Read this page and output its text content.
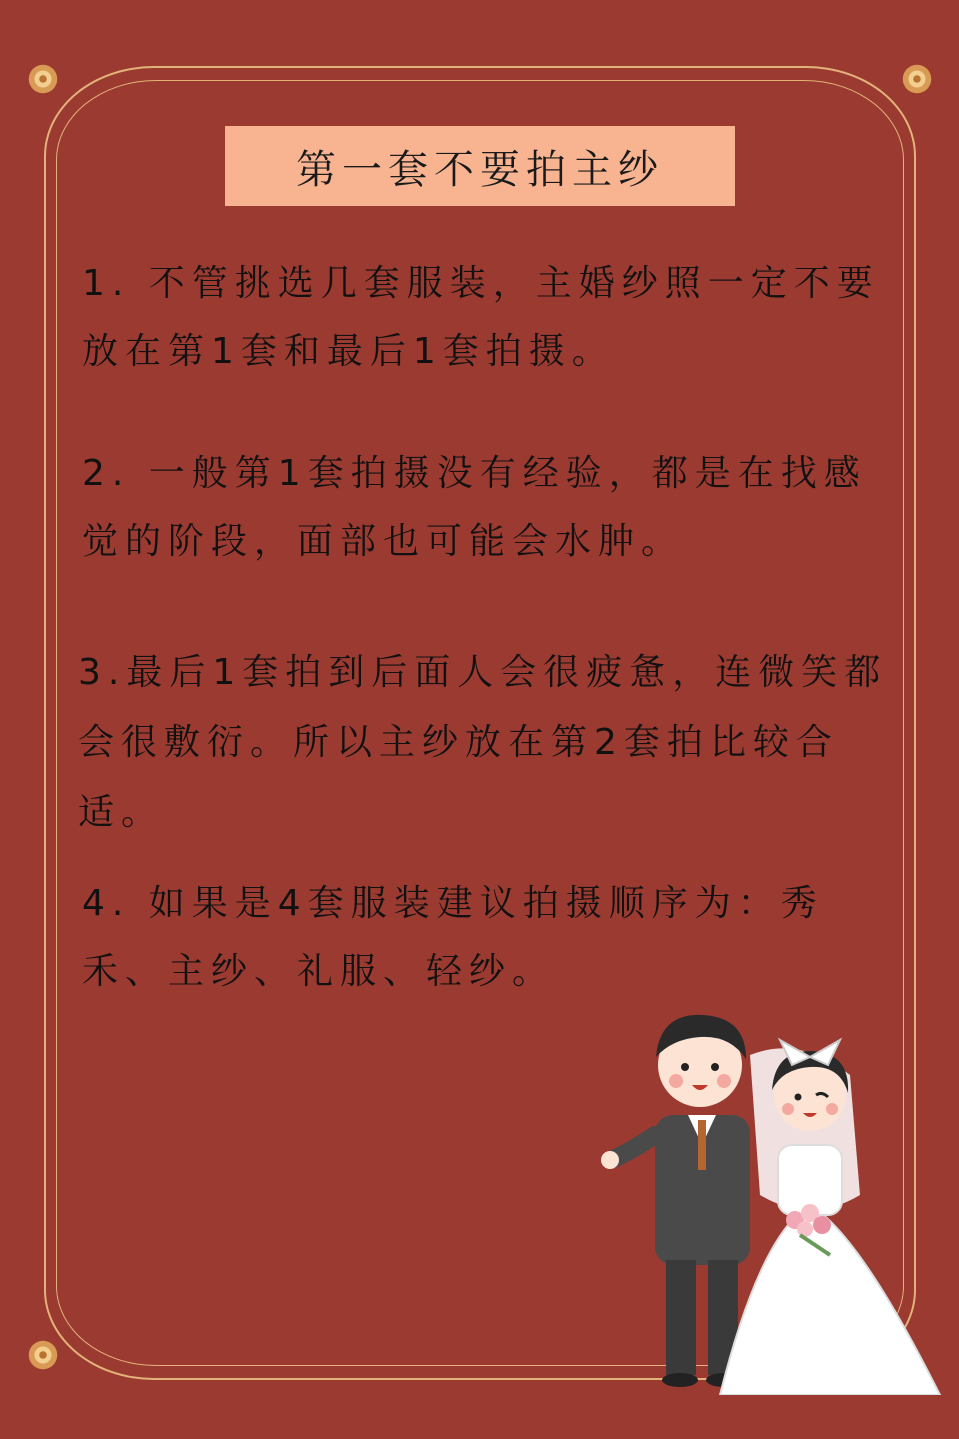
第一套不要拍主纱

1. 不管挑选几套服装，主婚纱照一定不要放在第1套和最后1套拍摄。

2. 一般第1套拍摄没有经验，都是在找感觉的阶段，面部也可能会水肿。

3.最后1套拍到后面人会很疲惫，连微笑都会很敷衍。所以主纱放在第2套拍比较合适。

4. 如果是4套服装建议拍摄顺序为：秀禾、主纱、礼服、轻纱。
